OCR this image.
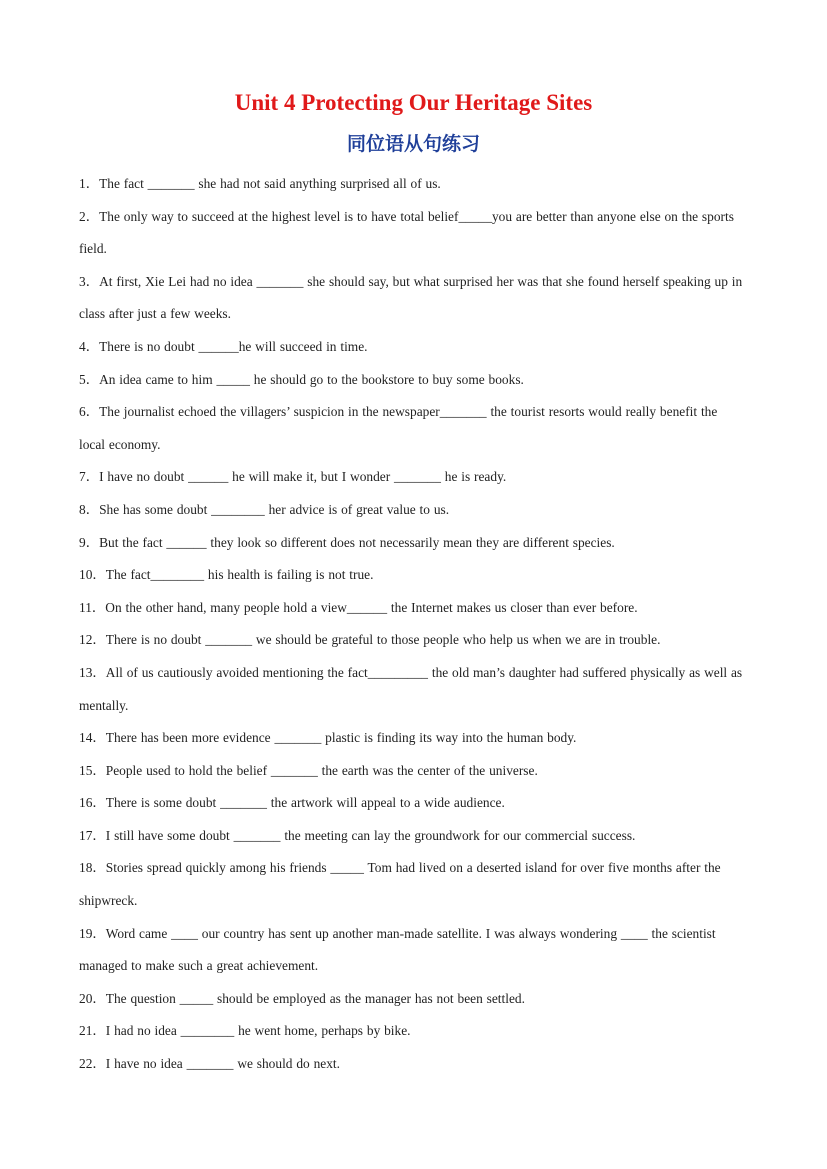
Unit 4 Protecting Our Heritage Sites
同位语从句练习
1．The fact _______ she had not said anything surprised all of us.
2．The only way to succeed at the highest level is to have total belief_____you are better than anyone else on the sports field.
3．At first, Xie Lei had no idea _______ she should say, but what surprised her was that she found herself speaking up in class after just a few weeks.
4．There is no doubt ______he will succeed in time.
5．An idea came to him _____ he should go to the bookstore to buy some books.
6．The journalist echoed the villagers’ suspicion in the newspaper_______ the tourist resorts would really benefit the local economy.
7．I have no doubt ______ he will make it, but I wonder _______ he is ready.
8．She has some doubt ________ her advice is of great value to us.
9．But the fact ______ they look so different does not necessarily mean they are different species.
10．The fact________ his health is failing is not true.
11．On the other hand, many people hold a view______ the Internet makes us closer than ever before.
12．There is no doubt _______ we should be grateful to those people who help us when we are in trouble.
13．All of us cautiously avoided mentioning the fact_________ the old man’s daughter had suffered physically as well as mentally.
14．There has been more evidence _______ plastic is finding its way into the human body.
15．People used to hold the belief _______ the earth was the center of the universe.
16．There is some doubt _______ the artwork will appeal to a wide audience.
17．I still have some doubt _______ the meeting can lay the groundwork for our commercial success.
18．Stories spread quickly among his friends _____ Tom had lived on a deserted island for over five months after the shipwreck.
19．Word came ____ our country has sent up another man-made satellite. I was always wondering ____ the scientist managed to make such a great achievement.
20．The question _____ should be employed as the manager has not been settled.
21．I had no idea ________ he went home, perhaps by bike.
22．I have no idea _______ we should do next.
